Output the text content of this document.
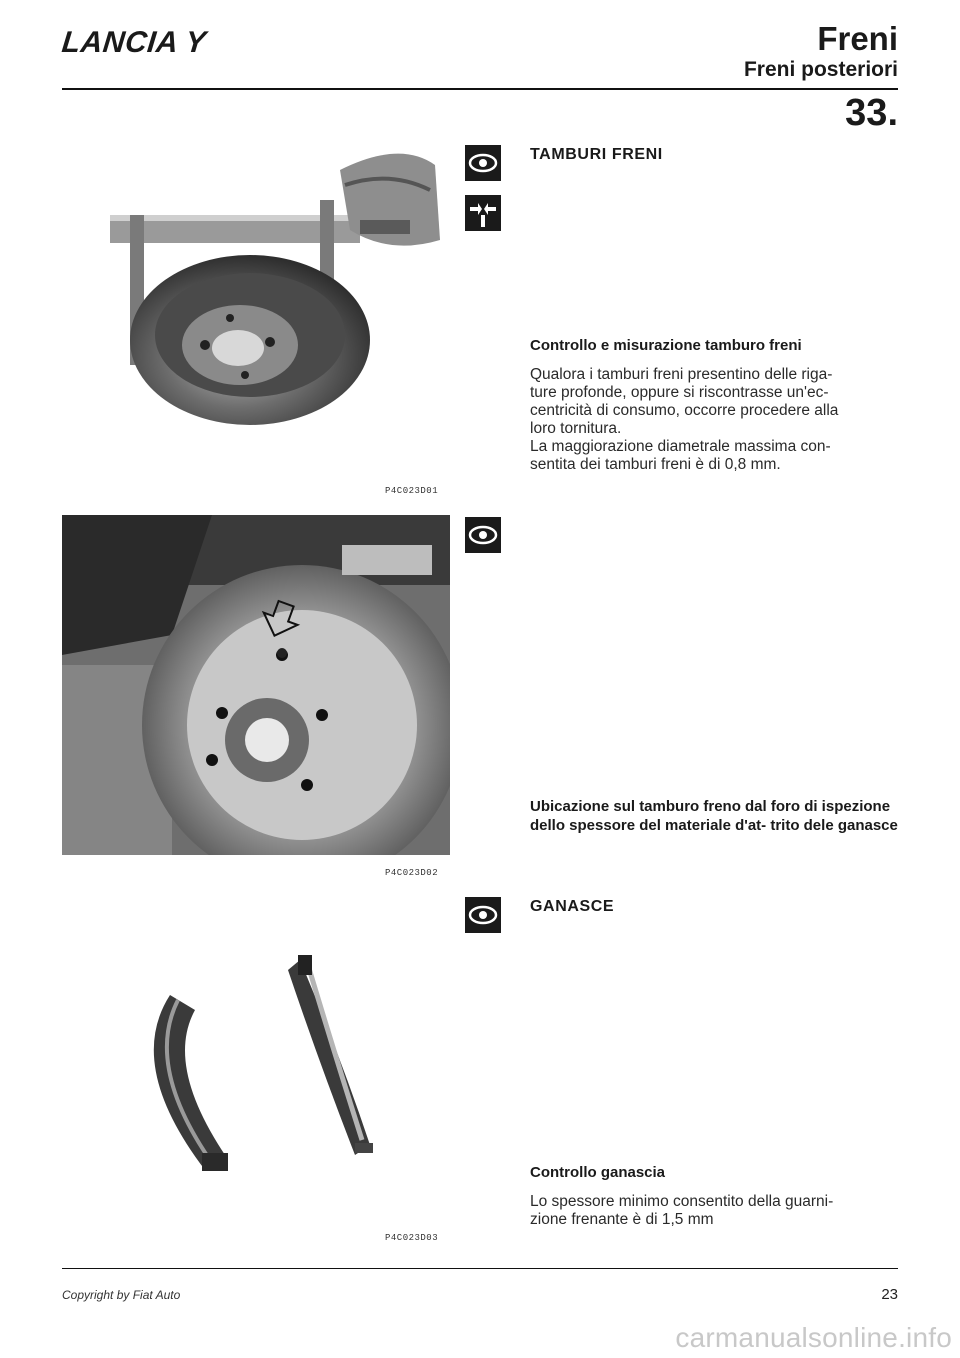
LANCIA Y	Freni
Freni posteriori
33.
P4C023D01
TAMBURI FRENI
Controllo e misurazione tamburo freni
Qualora i tamburi freni presentino delle riga-
ture profonde, oppure si riscontrasse un'ec-
centricità di consumo, occorre procedere alla
loro tornitura.
La maggiorazione diametrale massima con-
sentita dei tamburi freni è di 0,8 mm.
P4C023D02
Ubicazione sul tamburo freno dal foro di ispezione dello spessore del materiale d'at- trito dele ganasce
P4C023D03
GANASCE
Controllo ganascia
Lo spessore minimo consentito della guarni-
zione frenante è di 1,5 mm
Copyright by Fiat Auto	23
carmanualsonline.info
